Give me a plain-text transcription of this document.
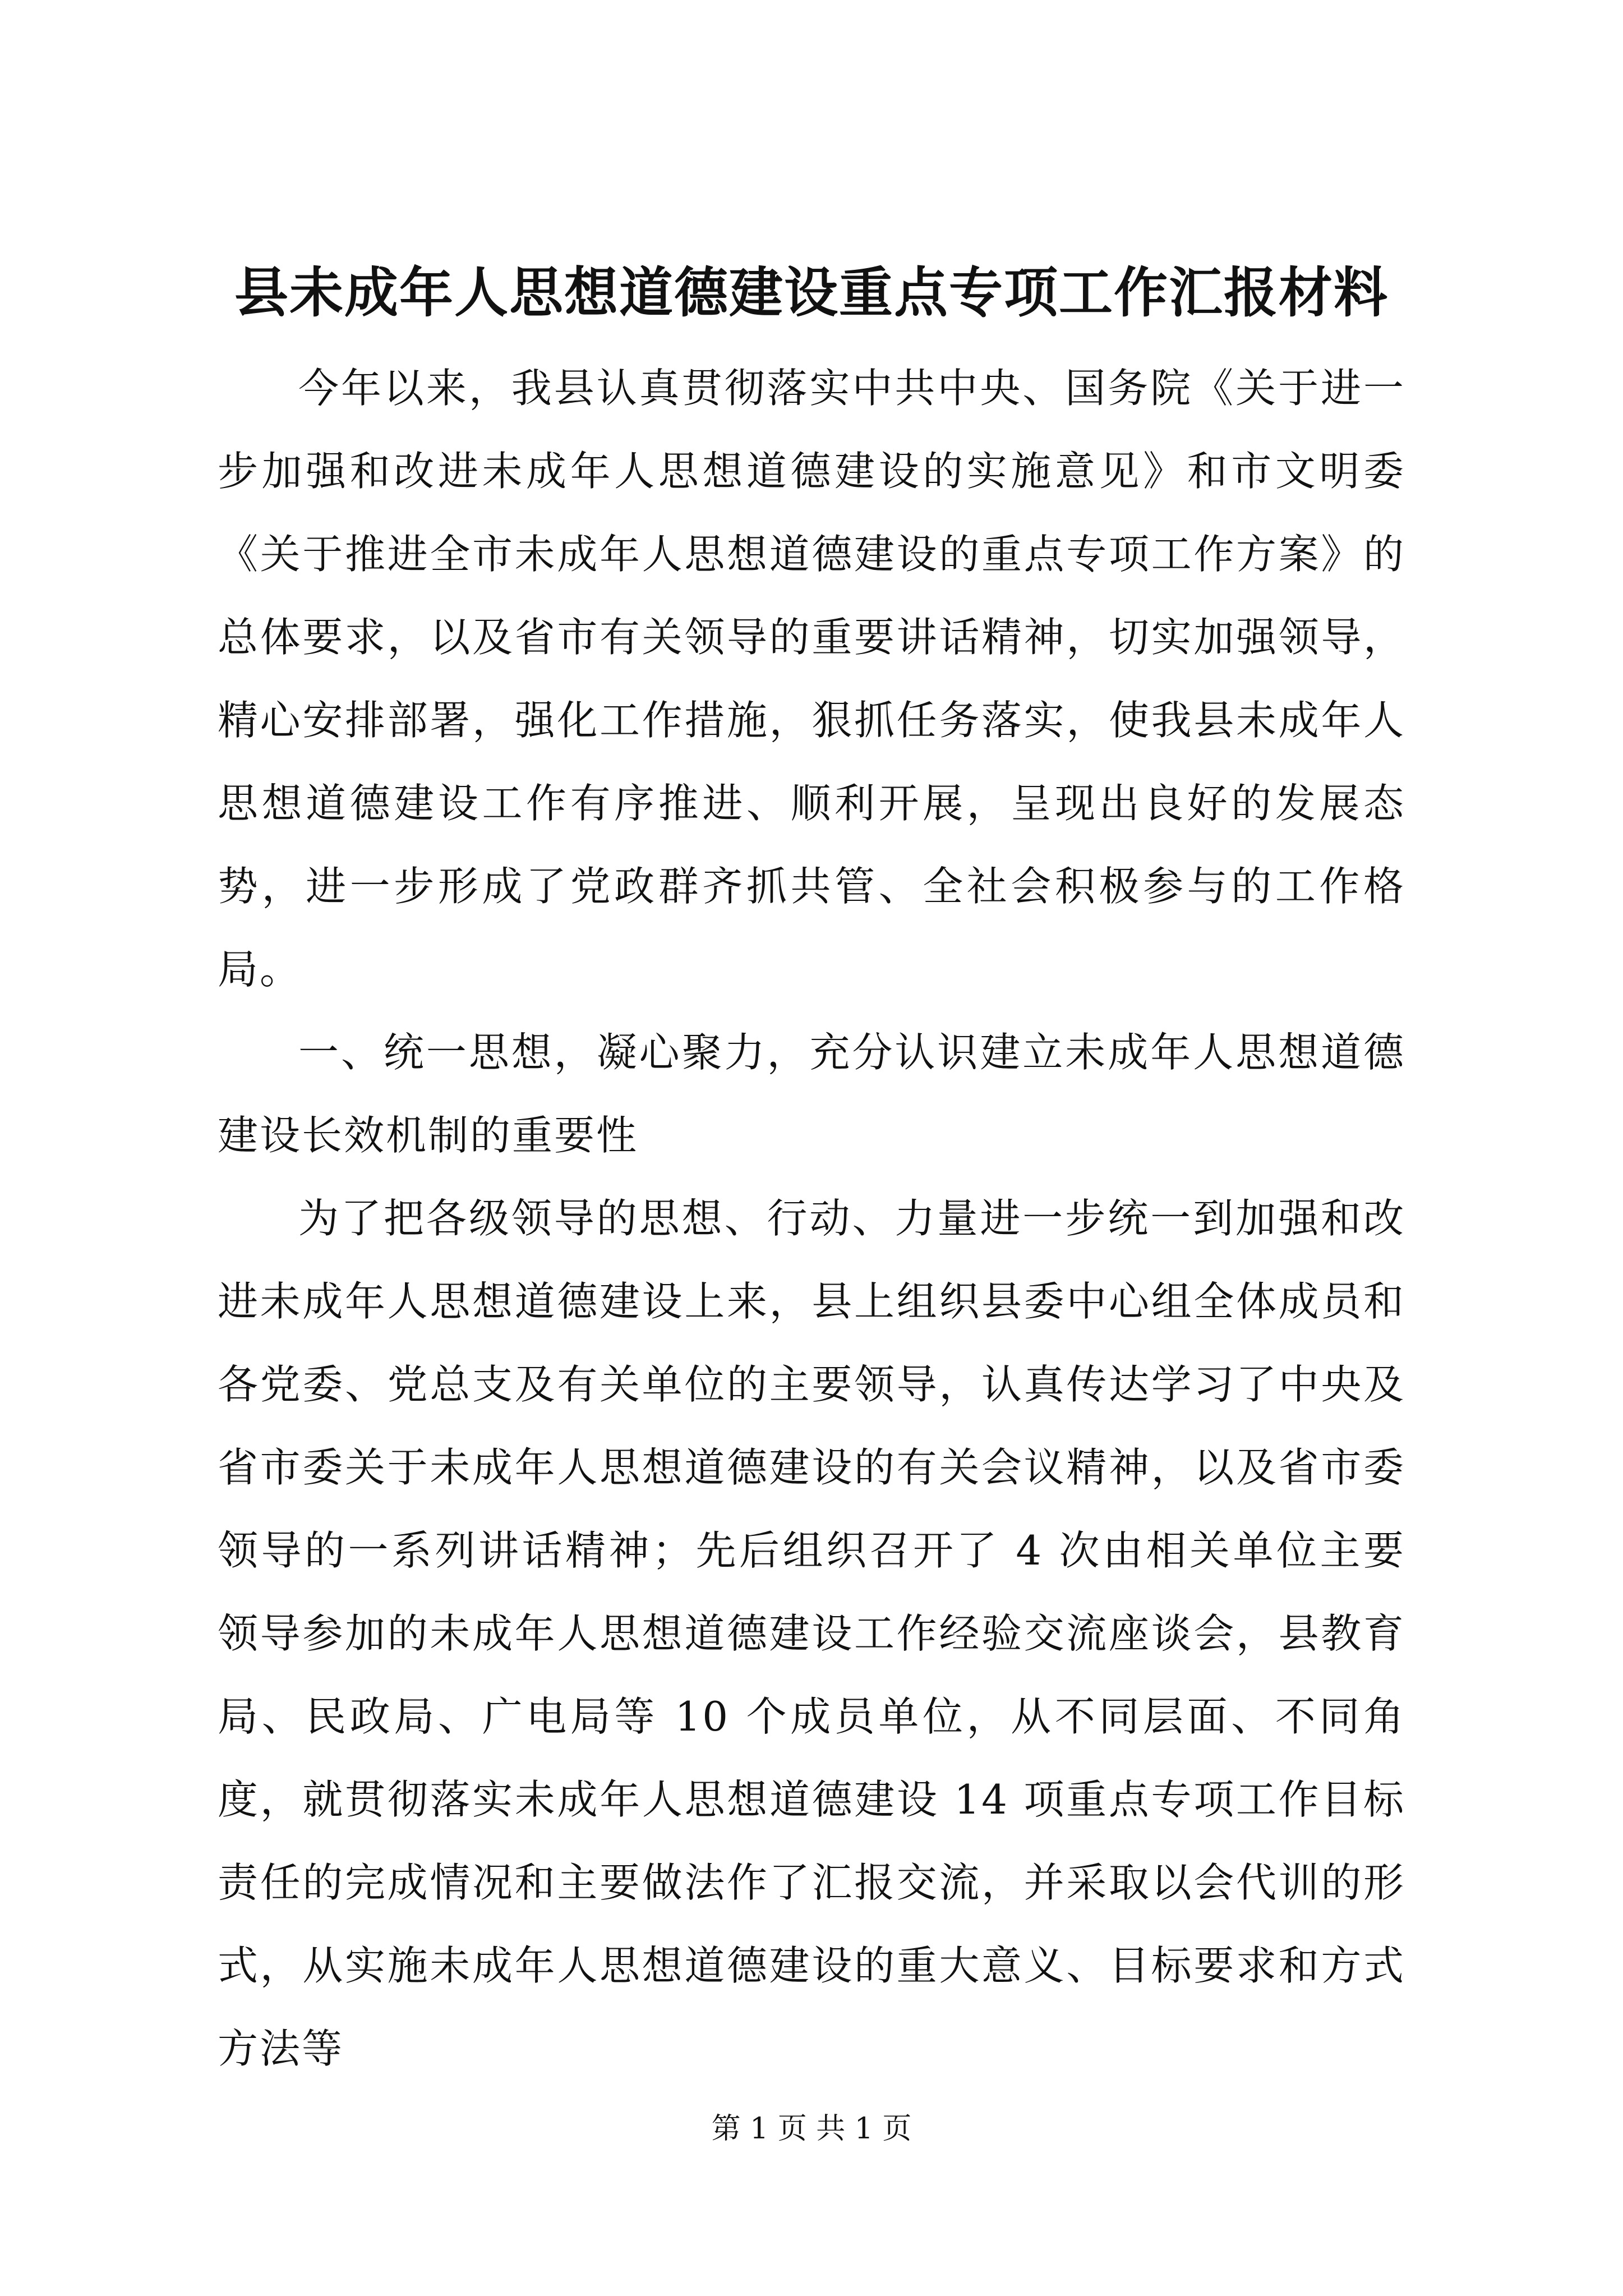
县未成年人思想道德建设重点专项工作汇报材料

今年以来，我县认真贯彻落实中共中央、国务院《关于进一步加强和改进未成年人思想道德建设的实施意见》和市文明委《关于推进全市未成年人思想道德建设的重点专项工作方案》的总体要求，以及省市有关领导的重要讲话精神，切实加强领导，精心安排部署，强化工作措施，狠抓任务落实，使我县未成年人思想道德建设工作有序推进、顺利开展，呈现出良好的发展态势，进一步形成了党政群齐抓共管、全社会积极参与的工作格局。

一、统一思想，凝心聚力，充分认识建立未成年人思想道德建设长效机制的重要性

为了把各级领导的思想、行动、力量进一步统一到加强和改进未成年人思想道德建设上来，县上组织县委中心组全体成员和各党委、党总支及有关单位的主要领导，认真传达学习了中央及省市委关于未成年人思想道德建设的有关会议精神，以及省市委领导的一系列讲话精神；先后组织召开了 4 次由相关单位主要领导参加的未成年人思想道德建设工作经验交流座谈会，县教育局、民政局、广电局等 10 个成员单位，从不同层面、不同角度，就贯彻落实未成年人思想道德建设 14 项重点专项工作目标责任的完成情况和主要做法作了汇报交流，并采取以会代训的形式，从实施未成年人思想道德建设的重大意义、目标要求和方式方法等

第 1 页 共 1 页
